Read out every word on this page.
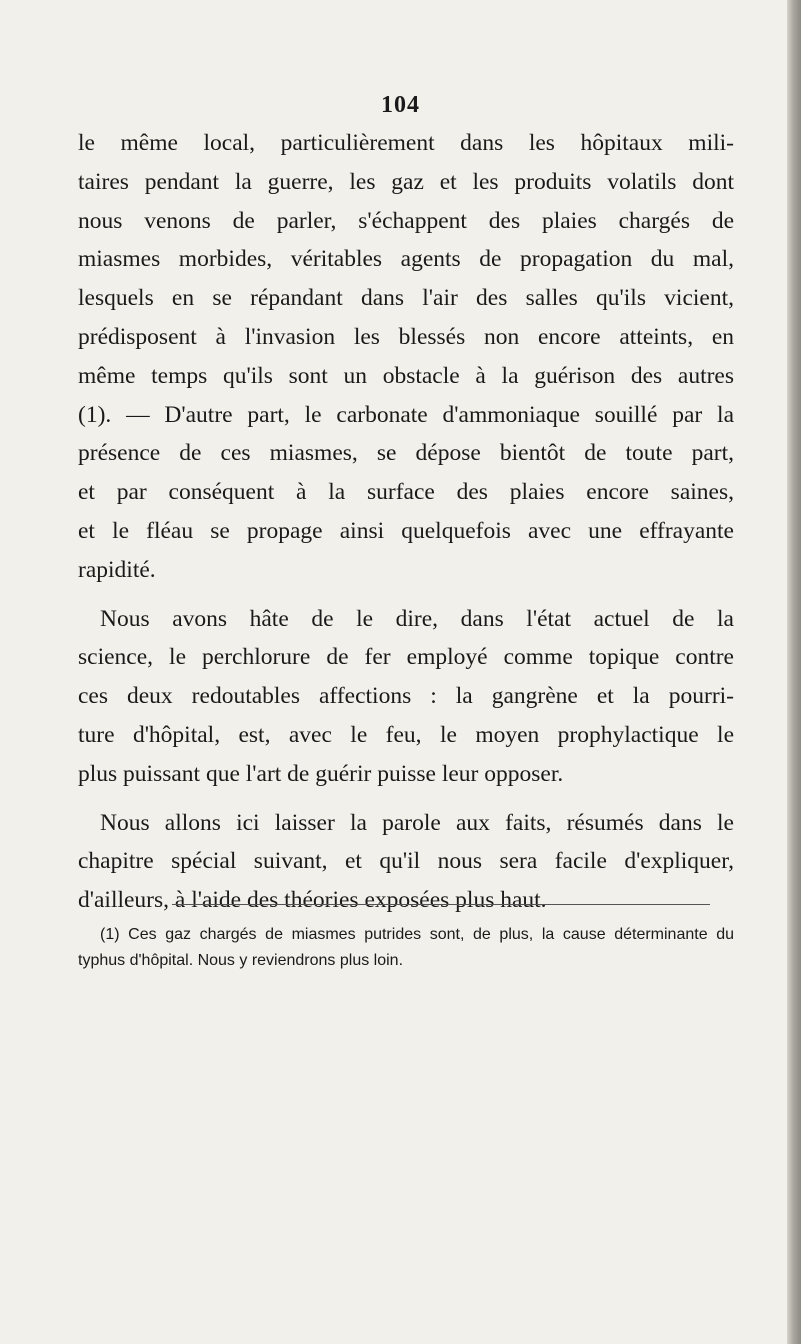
104
le même local, particulièrement dans les hôpitaux mili-
taires pendant la guerre, les gaz et les produits volatils dont
nous venons de parler, s'échappent des plaies chargés de
miasmes morbides, véritables agents de propagation du mal,
lesquels en se répandant dans l'air des salles qu'ils vicient,
prédisposent à l'invasion les blessés non encore atteints, en
même temps qu'ils sont un obstacle à la guérison des autres
(1). — D'autre part, le carbonate d'ammoniaque souillé par la
présence de ces miasmes, se dépose bientôt de toute part,
et par conséquent à la surface des plaies encore saines,
et le fléau se propage ainsi quelquefois avec une effrayante
rapidité.
Nous avons hâte de le dire, dans l'état actuel de la
science, le perchlorure de fer employé comme topique contre
ces deux redoutables affections : la gangrène et la pourri-
ture d'hôpital, est, avec le feu, le moyen prophylactique le
plus puissant que l'art de guérir puisse leur opposer.
Nous allons ici laisser la parole aux faits, résumés dans le
chapitre spécial suivant, et qu'il nous sera facile d'expliquer,
d'ailleurs, à l'aide des théories exposées plus haut.
(1) Ces gaz chargés de miasmes putrides sont, de plus, la cause déterminante du
typhus d'hôpital. Nous y reviendrons plus loin.
